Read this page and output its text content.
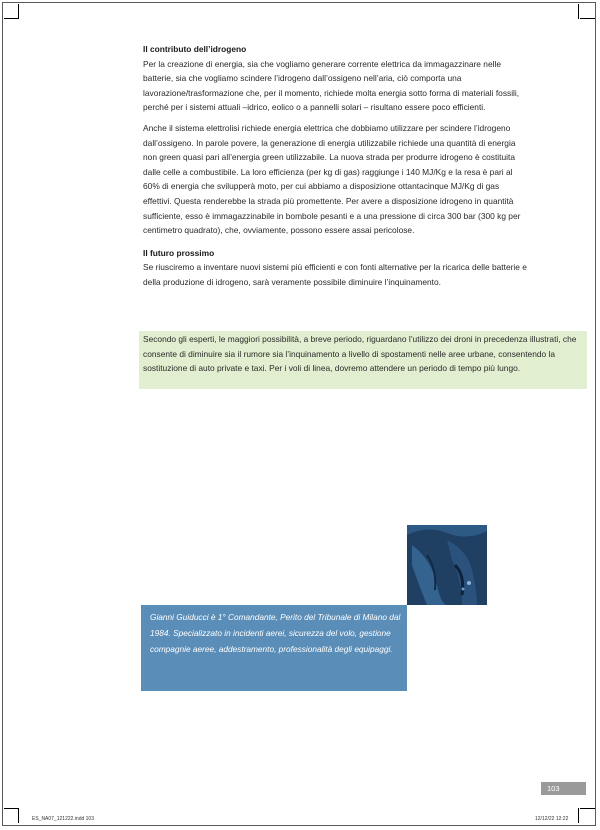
Il contributo dell’idrogeno

Per la creazione di energia, sia che vogliamo generare corrente elettrica da immagazzinare nelle batterie, sia che vogliamo scindere l’idrogeno dall’ossigeno nell’aria, ciò comporta una lavorazione/trasformazione che, per il momento, richiede molta energia sotto forma di materiali fossili, perché per i sistemi attuali –idrico, eolico o a pannelli solari – risultano essere poco efficienti.

Anche il sistema elettrolisi richiede energia elettrica che dobbiamo utilizzare per scindere l’idrogeno dall’ossigeno. In parole povere, la generazione di energia utilizzabile richiede una quantità di energia non green quasi pari all’energia green utilizzabile. La nuova strada per produrre idrogeno è costituita dalle celle a combustibile. La loro efficienza (per kg di gas) raggiunge i 140 MJ/Kg e la resa è pari al 60% di energia che svilupperà moto, per cui abbiamo a disposizione ottantacinque MJ/Kg di gas effettivi. Questa renderebbe la strada più promettente. Per avere a disposizione idrogeno in quantità sufficiente, esso è immagazzinabile in bombole pesanti e a una pressione di circa 300 bar (300 kg per centimetro quadrato), che, ovviamente, possono essere assai pericolose.

Il futuro prossimo

Se riusciremo a inventare nuovi sistemi più efficienti e con fonti alternative per la ricarica delle batterie e della produzione di idrogeno, sarà veramente possibile diminuire l’inquinamento.

Secondo gli esperti, le maggiori possibilità, a breve periodo, riguardano l’utilizzo dei droni in precedenza illustrati, che consente di diminuire sia il rumore sia l’inquinamento a livello di spostamenti nelle aree urbane, consentendo la sostituzione di auto private e taxi. Per i voli di linea, dovremo attendere un periodo di tempo più lungo.

Gianni Guiducci è 1° Comandante, Perito del Tribunale di Milano dal 1984. Specializzato in incidenti aerei, sicurezza del volo, gestione compagnie aeree, addestramento, professionalità degli equipaggi.

103
ES_NA07_121222.indd 103	12/12/22 12:22
